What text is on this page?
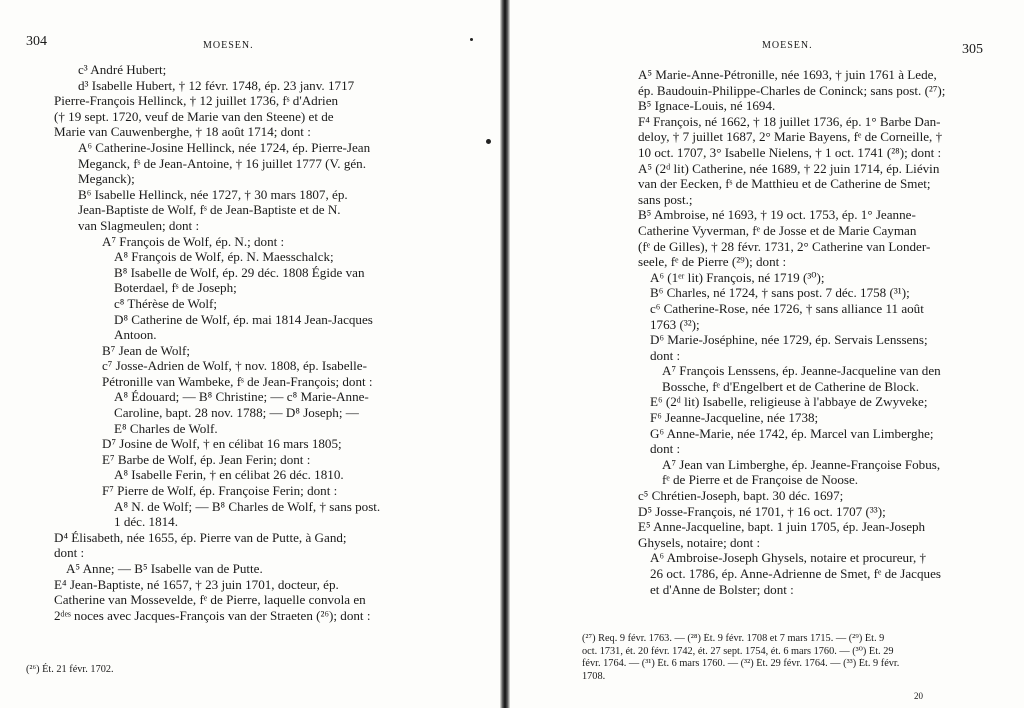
304	MOESEN.
c³ André Hubert;
d³ Isabelle Hubert, † 12 févr. 1748, ép. 23 janv. 1717
Pierre-François Hellinck, † 12 juillet 1736, fˢ d'Adrien
(† 19 sept. 1720, veuf de Marie van den Steene) et de
Marie van Cauwenberghe, † 18 août 1714; dont :
A⁶ Catherine-Josine Hellinck, née 1724, ép. Pierre-Jean
Meganck, fˢ de Jean-Antoine, † 16 juillet 1777 (V. gén.
Meganck);
B⁶ Isabelle Hellinck, née 1727, † 30 mars 1807, ép.
Jean-Baptiste de Wolf, fˢ de Jean-Baptiste et de N.
van Slagmeulen; dont :
A⁷ François de Wolf, ép. N.; dont :
A⁸ François de Wolf, ép. N. Maesschalck;
B⁸ Isabelle de Wolf, ép. 29 déc. 1808 Égide van
Boterdael, fˢ de Joseph;
c⁸ Thérèse de Wolf;
D⁸ Catherine de Wolf, ép. mai 1814 Jean-Jacques
Antoon.
B⁷ Jean de Wolf;
c⁷ Josse-Adrien de Wolf, † nov. 1808, ép. Isabelle-
Pétronille van Wambeke, fˢ de Jean-François; dont :
A⁸ Édouard; — B⁸ Christine; — c⁸ Marie-Anne-
Caroline, bapt. 28 nov. 1788; — D⁸ Joseph; —
E⁸ Charles de Wolf.
D⁷ Josine de Wolf, † en célibat 16 mars 1805;
E⁷ Barbe de Wolf, ép. Jean Ferin; dont :
A⁸ Isabelle Ferin, † en célibat 26 déc. 1810.
F⁷ Pierre de Wolf, ép. Françoise Ferin; dont :
A⁸ N. de Wolf; — B⁸ Charles de Wolf, † sans post.
1 déc. 1814.
D⁴ Élisabeth, née 1655, ép. Pierre van de Putte, à Gand;
dont :
A⁵ Anne; — B⁵ Isabelle van de Putte.
E⁴ Jean-Baptiste, né 1657, † 23 juin 1701, docteur, ép.
Catherine van Mosseveldе, fᵉ de Pierre, laquelle convola en
2ᵈᵉˢ noces avec Jacques-François van der Straeten (²⁶); dont :
(²⁶) Ét. 21 févr. 1702.
MOESEN.	305
A⁵ Marie-Anne-Pétronille, née 1693, † juin 1761 à Lede,
ép. Baudouin-Philippe-Charles de Coninck; sans post. (²⁷);
B⁵ Ignace-Louis, né 1694.
F⁴ François, né 1662, † 18 juillet 1736, ép. 1° Barbe Dan-
deloy, † 7 juillet 1687, 2° Marie Bayens, fᵉ de Corneille, †
10 oct. 1707, 3° Isabelle Nielens, † 1 oct. 1741 (²⁸); dont :
A⁵ (2ᵈ lit) Catherine, née 1689, † 22 juin 1714, ép. Liévin
van der Eecken, fˢ de Matthieu et de Catherine de Smet;
sans post.;
B⁵ Ambroise, né 1693, † 19 oct. 1753, ép. 1° Jeanne-
Catherine Vyverman, fᵉ de Josse et de Marie Cayman
(fᵉ de Gilles), † 28 févr. 1731, 2° Catherine van Londer-
seele, fᵉ de Pierre (²⁹); dont :
A⁶ (1ᵉʳ lit) François, né 1719 (³⁰);
B⁶ Charles, né 1724, † sans post. 7 déc. 1758 (³¹);
c⁶ Catherine-Rose, née 1726, † sans alliance 11 août
1763 (³²);
D⁶ Marie-Joséphine, née 1729, ép. Servais Lenssens;
dont :
A⁷ François Lenssens, ép. Jeanne-Jacqueline van den
Bossche, fᵉ d'Engelbert et de Catherine de Block.
E⁶ (2ᵈ lit) Isabelle, religieuse à l'abbaye de Zwyveke;
F⁶ Jeanne-Jacqueline, née 1738;
G⁶ Anne-Marie, née 1742, ép. Marcel van Limberghe;
dont :
A⁷ Jean van Limberghe, ép. Jeanne-Françoise Fobus,
fᵉ de Pierre et de Françoise de Noose.
c⁵ Chrétien-Joseph, bapt. 30 déc. 1697;
D⁵ Josse-François, né 1701, † 16 oct. 1707 (³³);
E⁵ Anne-Jacqueline, bapt. 1 juin 1705, ép. Jean-Joseph
Ghysels, notaire; dont :
A⁶ Ambroise-Joseph Ghysels, notaire et procureur, †
26 oct. 1786, ép. Anne-Adrienne de Smet, fᵉ de Jacques
et d'Anne de Bolster; dont :
(²⁷) Req. 9 févr. 1763. — (²⁸) Ét. 9 févr. 1708 et 7 mars 1715. — (²⁹) Ét. 9
oct. 1731, ét. 20 févr. 1742, ét. 27 sept. 1754, ét. 6 mars 1760. — (³⁰) Ét. 29
févr. 1764. — (³¹) Ét. 6 mars 1760. — (³²) Ét. 29 févr. 1764. — (³³) Ét. 9 févr.
1708.
20
